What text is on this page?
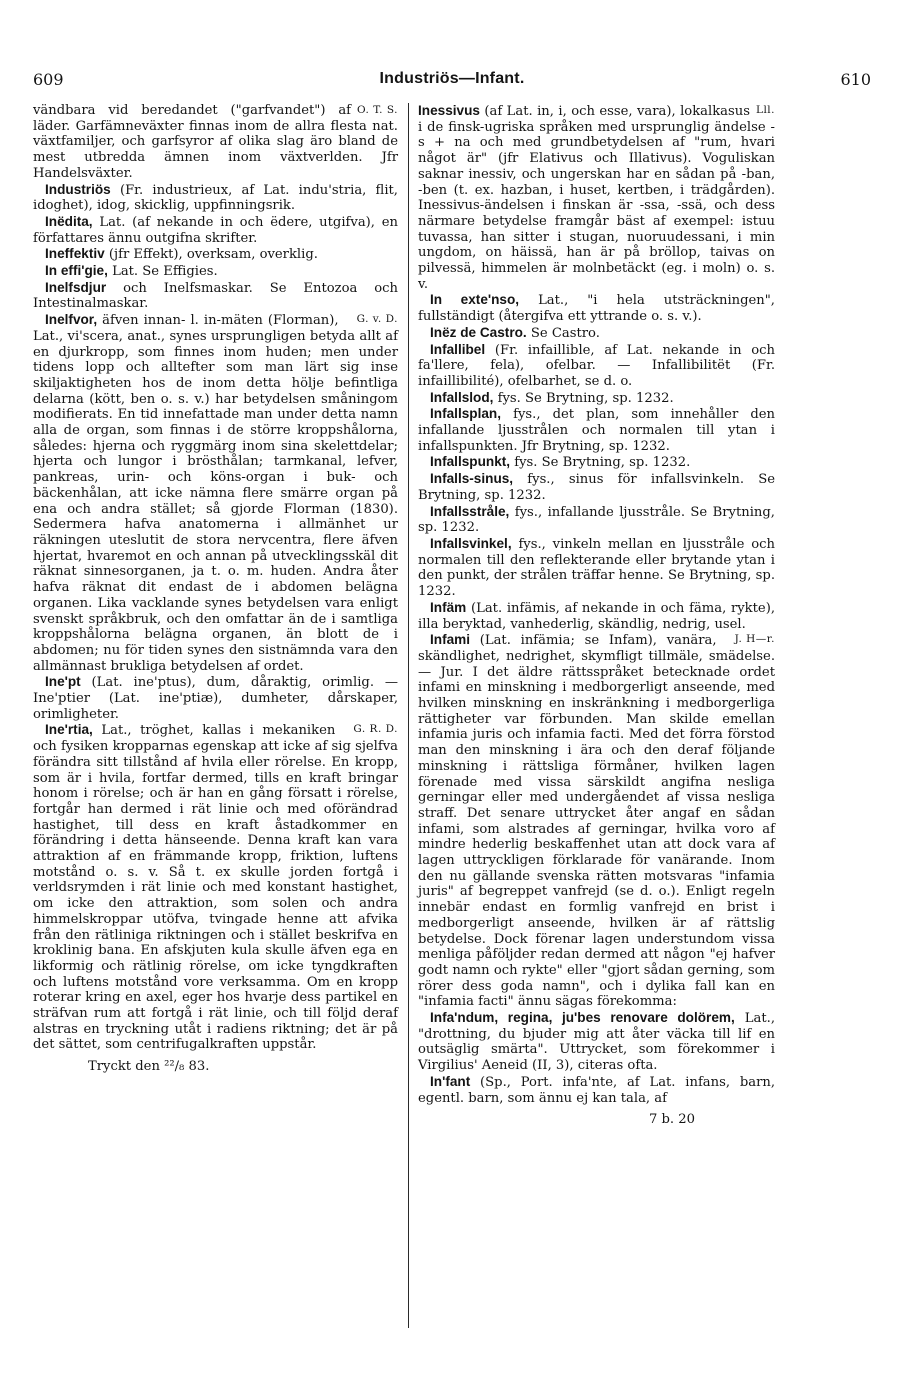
609	Industriös—Infant.	610

O. T. S.
vändbara vid beredandet ("garfvandet") af läder. Garfämneväxter finnas inom de allra flesta nat. växtfamiljer, och garfsyror af olika slag äro bland de mest utbredda ämnen inom växtverlden. Jfr Handelsväxter.

Industriös (Fr. industrieux, af Lat. indu'stria, flit, idoghet), idog, skicklig, uppfinningsrik.

Inëdita, Lat. (af nekande in och ëdere, utgifva), en författares ännu outgifna skrifter.

Ineffektiv (jfr Effekt), overksam, overklig.

In effi'gie, Lat. Se Effigies.

Inelfsdjur och Inelfsmaskar. Se Entozoa och Intestinalmaskar.

G. v. D.
Inelfvor, äfven innan- l. in-mäten (Florman), Lat., vi'scera, anat., synes ursprungligen betyda allt af en djurkropp, som finnes inom huden; men under tidens lopp och alltefter som man lärt sig inse skiljaktigheten hos de inom detta hölje befintliga delarna (kött, ben o. s. v.) har betydelsen småningom modifierats. En tid innefattade man under detta namn alla de organ, som finnas i de större kroppshålorna, således: hjerna och ryggmärg inom sina skelettdelar; hjerta och lungor i brösthålan; tarmkanal, lefver, pankreas, urin- och köns-organ i buk- och bäckenhålan, att icke nämna flere smärre organ på ena och andra stället; så gjorde Florman (1830). Sedermera hafva anatomerna i allmänhet ur räkningen uteslutit de stora nervcentra, flere äfven hjertat, hvaremot en och annan på utvecklingsskäl dit räknat sinnesorganen, ja t. o. m. huden. Andra åter hafva räknat dit endast de i abdomen belägna organen. Lika vacklande synes betydelsen vara enligt svenskt språkbruk, och den omfattar än de i samtliga kroppshålorna belägna organen, än blott de i abdomen; nu för tiden synes den sistnämnda vara den allmännast brukliga betydelsen af ordet.

Ine'pt (Lat. ine'ptus), dum, dåraktig, orimlig. — Ine'ptier (Lat. ine'ptiæ), dumheter, dårskaper, orimligheter.

G. R. D.
Ine'rtia, Lat., tröghet, kallas i mekaniken och fysiken kropparnas egenskap att icke af sig sjelfva förändra sitt tillstånd af hvila eller rörelse. En kropp, som är i hvila, fortfar dermed, tills en kraft bringar honom i rörelse; och är han en gång försatt i rörelse, fortgår han dermed i rät linie och med oförändrad hastighet, till dess en kraft åstadkommer en förändring i detta hänseende. Denna kraft kan vara attraktion af en främmande kropp, friktion, luftens motstånd o. s. v. Så t. ex skulle jorden fortgå i verldsrymden i rät linie och med konstant hastighet, om icke den attraktion, som solen och andra himmelskroppar utöfva, tvingade henne att afvika från den rätliniga riktningen och i stället beskrifva en kroklinig bana. En afskjuten kula skulle äfven ega en likformig och rätlinig rörelse, om icke tyngdkraften och luftens motstånd vore verksamma. Om en kropp roterar kring en axel, eger hos hvarje dess partikel en sträfvan rum att fortgå i rät linie, och till följd deraf alstras en tryckning utåt i radiens riktning; det är på det sättet, som centrifugalkraften uppstår.

Tryckt den ²²/₈ 83.

Lll.
Inessivus (af Lat. in, i, och esse, vara), lokalkasus i de finsk-ugriska språken med ursprunglig ändelse -s + na och med grundbetydelsen af "rum, hvari något är" (jfr Elativus och Illativus). Voguliskan saknar inessiv, och ungerskan har en sådan på -ban, -ben (t. ex. hazban, i huset, kertben, i trädgården). Inessivus-ändelsen i finskan är -ssa, -ssä, och dess närmare betydelse framgår bäst af exempel: istuu tuvassa, han sitter i stugan, nuoruudessani, i min ungdom, on häissä, han är på bröllop, taivas on pilvessä, himmelen är molnbetäckt (eg. i moln) o. s. v.

In exte'nso, Lat., "i hela utsträckningen", fullständigt (återgifva ett yttrande o. s. v.).

Inëz de Castro. Se Castro.

Infallibel (Fr. infaillible, af Lat. nekande in och fa'llere, fela), ofelbar. — Infallibilitët (Fr. infaillibilité), ofelbarhet, se d. o.

Infallslod, fys. Se Brytning, sp. 1232.

Infallsplan, fys., det plan, som innehåller den infallande ljusstrålen och normalen till ytan i infallspunkten. Jfr Brytning, sp. 1232.

Infallspunkt, fys. Se Brytning, sp. 1232.

Infalls-sinus, fys., sinus för infallsvinkeln. Se Brytning, sp. 1232.

Infallsstråle, fys., infallande ljusstråle. Se Brytning, sp. 1232.

Infallsvinkel, fys., vinkeln mellan en ljusstråle och normalen till den reflekterande eller brytande ytan i den punkt, der strålen träffar henne. Se Brytning, sp. 1232.

Infäm (Lat. infämis, af nekande in och fäma, rykte), illa beryktad, vanhederlig, skändlig, nedrig, usel.

J. H—r.
Infami (Lat. infämia; se Infam), vanära, skändlighet, nedrighet, skymfligt tillmäle, smädelse. — Jur. I det äldre rättsspråket betecknade ordet infami en minskning i medborgerligt anseende, med hvilken minskning en inskränkning i medborgerliga rättigheter var förbunden. Man skilde emellan infamia juris och infamia facti. Med det förra förstod man den minskning i ära och den deraf följande minskning i rättsliga förmåner, hvilken lagen förenade med vissa särskildt angifna nesliga gerningar eller med undergåendet af vissa nesliga straff. Det senare uttrycket åter angaf en sådan infami, som alstrades af gerningar, hvilka voro af mindre hederlig beskaffenhet utan att dock vara af lagen uttryckligen förklarade för vanärande. Inom den nu gällande svenska rätten motsvaras "infamia juris" af begreppet vanfrejd (se d. o.). Enligt regeln innebär endast en formlig vanfrejd en brist i medborgerligt anseende, hvilken är af rättslig betydelse. Dock förenar lagen understundom vissa menliga påföljder redan dermed att någon "ej hafver godt namn och rykte" eller "gjort sådan gerning, som rörer dess goda namn", och i dylika fall kan en "infamia facti" ännu sägas förekomma:

Infa'ndum, regina, ju'bes renovare dolörem, Lat., "drottning, du bjuder mig att åter väcka till lif en outsäglig smärta". Uttrycket, som förekommer i Virgilius' Aeneid (II, 3), citeras ofta.

In'fant (Sp., Port. infa'nte, af Lat. infans, barn, egentl. barn, som ännu ej kan tala, af

7 b. 20
